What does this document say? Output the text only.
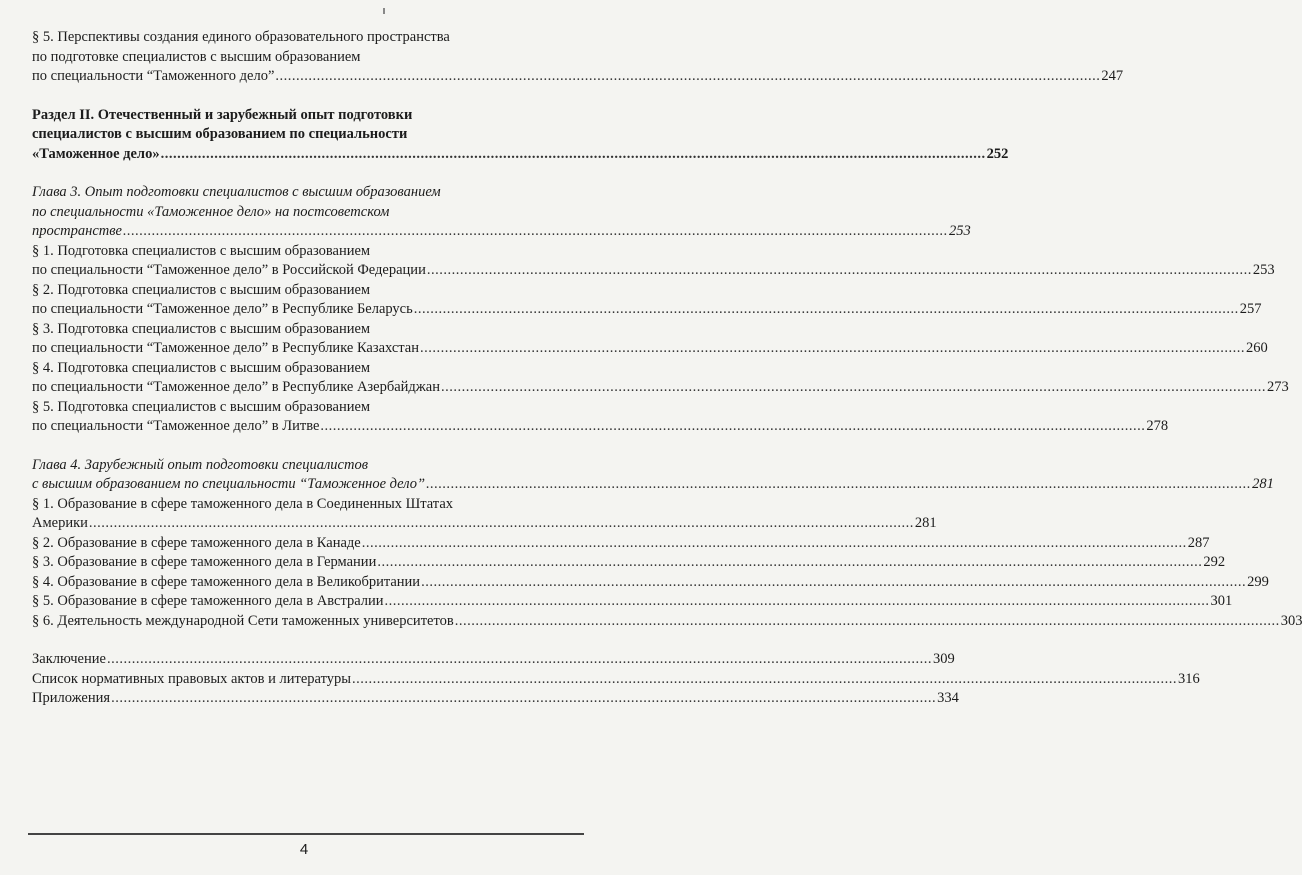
§ 5. Перспективы создания единого образовательного пространства
по подготовке специалистов с высшим образованием
по специальности “Таможенного дело” ........................................................................................................................................................................................................ 247
Раздел II. Отечественный и зарубежный опыт подготовки
специалистов с высшим образованием по специальности
«Таможенное дело» ........................................................................................................................................................................................................ 252
Глава 3. Опыт подготовки специалистов с высшим образованием
по специальности «Таможенное дело» на постсоветском
пространстве ........................................................................................................................................................................................................ 253
§ 1. Подготовка специалистов с высшим образованием
по специальности “Таможенное дело” в Российской Федерации ........................................................................................................................................................................................................ 253
§ 2. Подготовка специалистов с высшим образованием
по специальности “Таможенное дело” в Республике Беларусь ........................................................................................................................................................................................................ 257
§ 3. Подготовка специалистов с высшим образованием
по специальности “Таможенное дело” в Республике Казахстан ........................................................................................................................................................................................................ 260
§ 4. Подготовка специалистов с высшим образованием
по специальности “Таможенное дело” в Республике Азербайджан ........................................................................................................................................................................................................ 273
§ 5. Подготовка специалистов с высшим образованием
по специальности “Таможенное дело” в Литве ........................................................................................................................................................................................................ 278
Глава 4. Зарубежный опыт подготовки специалистов
с высшим образованием по специальности “Таможенное дело” ........................................................................................................................................................................................................ 281
§ 1. Образование в сфере таможенного дела в Соединенных Штатах
Америки ........................................................................................................................................................................................................ 281
§ 2. Образование в сфере таможенного дела в Канаде ........................................................................................................................................................................................................ 287
§ 3. Образование в сфере таможенного дела в Германии ........................................................................................................................................................................................................ 292
§ 4. Образование в сфере таможенного дела в Великобритании ........................................................................................................................................................................................................ 299
§ 5. Образование в сфере таможенного дела в Австралии ........................................................................................................................................................................................................ 301
§ 6. Деятельность международной Сети таможенных университетов ........................................................................................................................................................................................................ 303
Заключение ........................................................................................................................................................................................................ 309
Список нормативных правовых актов и литературы ........................................................................................................................................................................................................ 316
Приложения ........................................................................................................................................................................................................ 334
4
